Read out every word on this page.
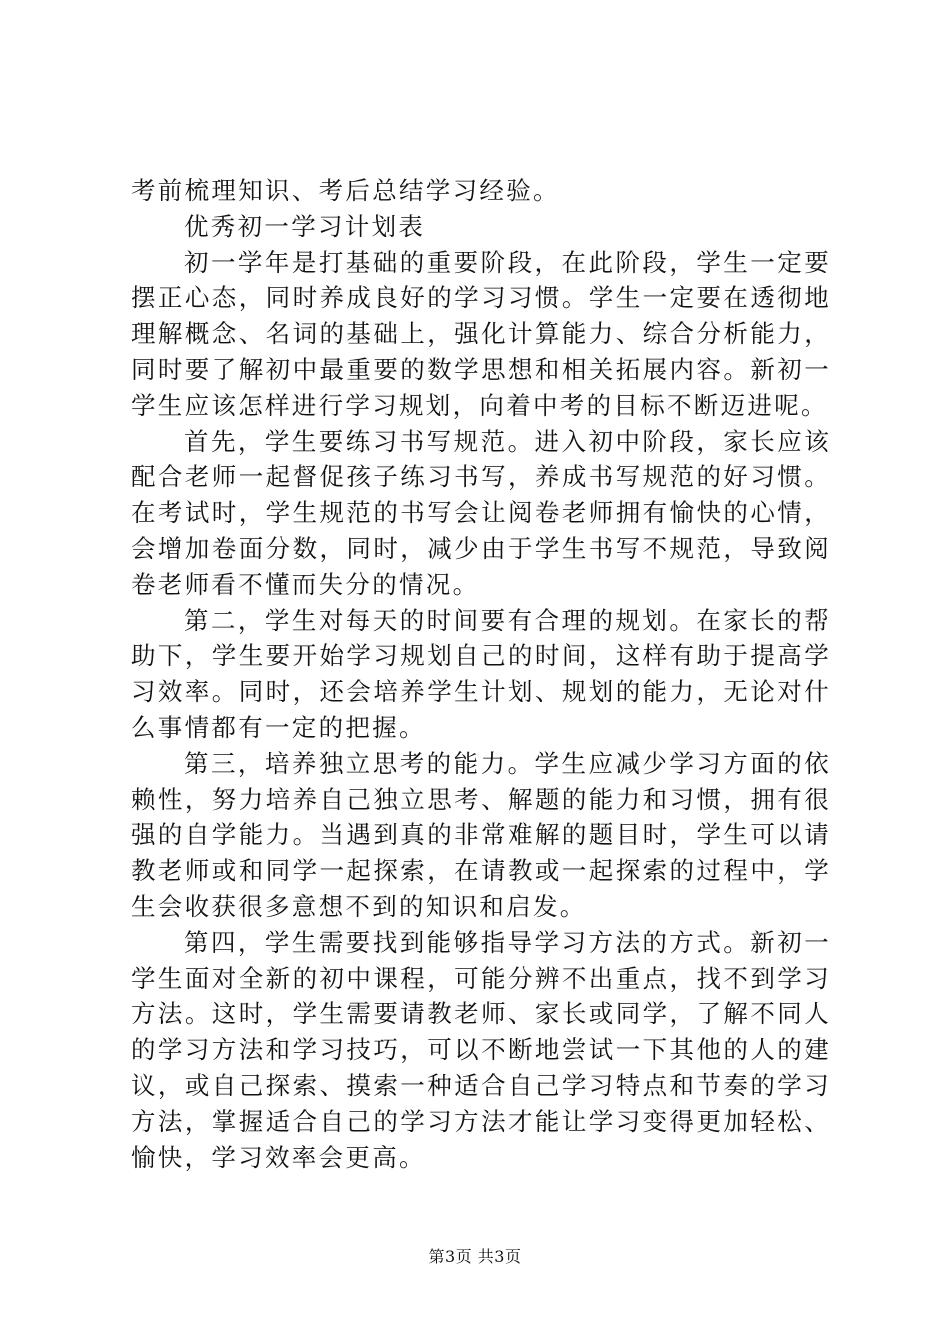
考前梳理知识、考后总结学习经验。

优秀初一学习计划表

初一学年是打基础的重要阶段，在此阶段，学生一定要摆正心态，同时养成良好的学习习惯。学生一定要在透彻地理解概念、名词的基础上，强化计算能力、综合分析能力，同时要了解初中最重要的数学思想和相关拓展内容。新初一学生应该怎样进行学习规划，向着中考的目标不断迈进呢。

首先，学生要练习书写规范。进入初中阶段，家长应该配合老师一起督促孩子练习书写，养成书写规范的好习惯。在考试时，学生规范的书写会让阅卷老师拥有愉快的心情，会增加卷面分数，同时，减少由于学生书写不规范，导致阅卷老师看不懂而失分的情况。

第二，学生对每天的时间要有合理的规划。在家长的帮助下，学生要开始学习规划自己的时间，这样有助于提高学习效率。同时，还会培养学生计划、规划的能力，无论对什么事情都有一定的把握。

第三，培养独立思考的能力。学生应减少学习方面的依赖性，努力培养自己独立思考、解题的能力和习惯，拥有很强的自学能力。当遇到真的非常难解的题目时，学生可以请教老师或和同学一起探索，在请教或一起探索的过程中，学生会收获很多意想不到的知识和启发。

第四，学生需要找到能够指导学习方法的方式。新初一学生面对全新的初中课程，可能分辨不出重点，找不到学习方法。这时，学生需要请教老师、家长或同学，了解不同人的学习方法和学习技巧，可以不断地尝试一下其他的人的建议，或自己探索、摸索一种适合自己学习特点和节奏的学习方法，掌握适合自己的学习方法才能让学习变得更加轻松、愉快，学习效率会更高。

第3页 共3页
